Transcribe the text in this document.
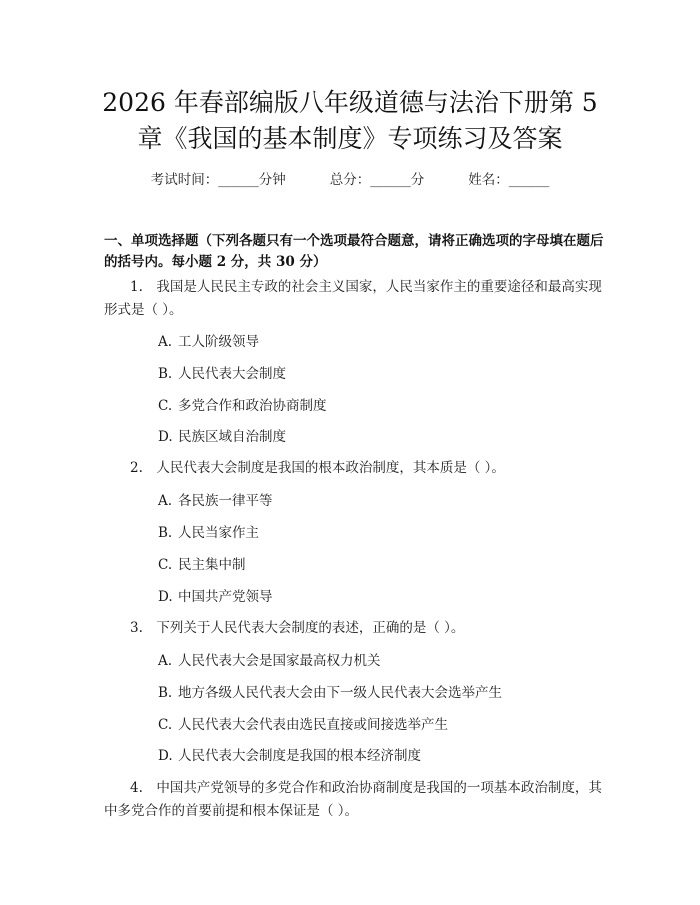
2026 年春部编版八年级道德与法治下册第 5
章《我国的基本制度》专项练习及答案
考试时间：______分钟	总分：______分	姓名：______
一、单项选择题（下列各题只有一个选项最符合题意，请将正确选项的字母填在题后的括号内。每小题 2 分，共 30 分）
1.　我国是人民民主专政的社会主义国家，人民当家作主的重要途径和最高实现形式是（ ）。
A. 工人阶级领导
B. 人民代表大会制度
C. 多党合作和政治协商制度
D. 民族区域自治制度
2.　人民代表大会制度是我国的根本政治制度，其本质是（ ）。
A. 各民族一律平等
B. 人民当家作主
C. 民主集中制
D. 中国共产党领导
3.　下列关于人民代表大会制度的表述，正确的是（ ）。
A. 人民代表大会是国家最高权力机关
B. 地方各级人民代表大会由下一级人民代表大会选举产生
C. 人民代表大会代表由选民直接或间接选举产生
D. 人民代表大会制度是我国的根本经济制度
4.　中国共产党领导的多党合作和政治协商制度是我国的一项基本政治制度，其中多党合作的首要前提和根本保证是（ ）。
